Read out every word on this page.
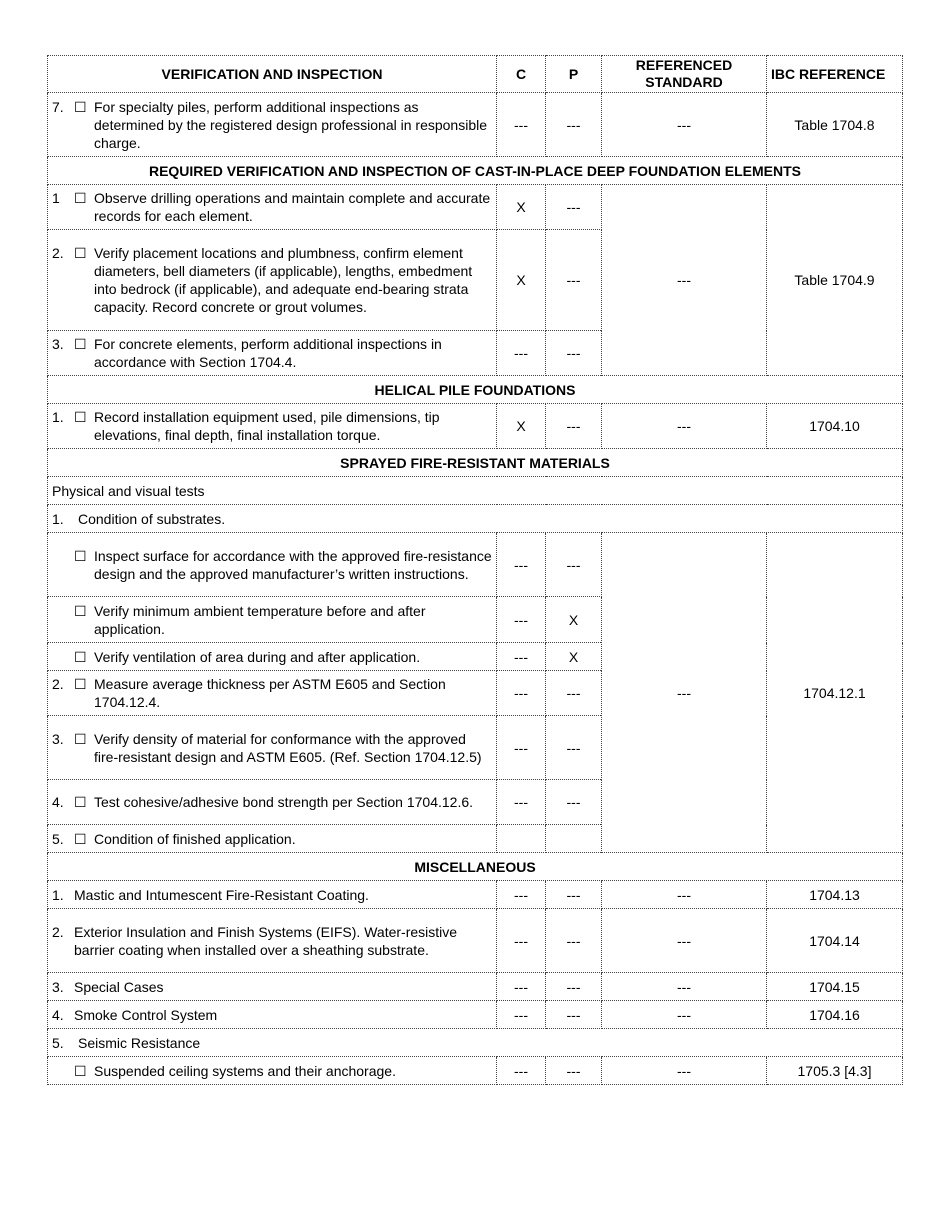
VERIFICATION AND INSPECTION	C	P	REFERENCED STANDARD	IBC REFERENCE

7. ☐ For specialty piles, perform additional inspections as determined by the registered design professional in responsible charge.	---	---	---	Table 1704.8
REQUIRED VERIFICATION AND INSPECTION OF CAST-IN-PLACE DEEP FOUNDATION ELEMENTS				

1 ☐ Observe drilling operations and maintain complete and accurate records for each element.	X	---	---	Table 1704.9

2. ☐ Verify placement locations and plumbness, confirm element diameters, bell diameters (if applicable), lengths, embedment into bedrock (if applicable), and adequate end-bearing strata capacity. Record concrete or grout volumes.	X	---		

3. ☐ For concrete elements, perform additional inspections in accordance with Section 1704.4.	---	---		
HELICAL PILE FOUNDATIONS				

1. ☐ Record installation equipment used, pile dimensions, tip elevations, final depth, final installation torque.	X	---	---	1704.10
SPRAYED FIRE-RESISTANT MATERIALS				
Physical and visual tests				
1. Condition of substrates.				

☐ Inspect surface for accordance with the approved fire-resistance design and the approved manufacturer’s written instructions.	---	---	---	1704.12.1

☐ Verify minimum ambient temperature before and after application.	---	X		

☐ Verify ventilation of area during and after application.	---	X		

2. ☐ Measure average thickness per ASTM E605 and Section 1704.12.4.	---	---		

3. ☐ Verify density of material for conformance with the approved fire-resistant design and ASTM E605. (Ref. Section 1704.12.5)	---	---		

4. ☐ Test cohesive/adhesive bond strength per Section 1704.12.6.	---	---		

5. ☐ Condition of finished application.				

MISCELLANEOUS				

1. Mastic and Intumescent Fire-Resistant Coating.	---	---	---	1704.13

2. Exterior Insulation and Finish Systems (EIFS). Water-resistive barrier coating when installed over a sheathing substrate.	---	---	---	1704.14

3. Special Cases	---	---	---	1704.15

4. Smoke Control System	---	---	---	1704.16
5. Seismic Resistance				

☐ Suspended ceiling systems and their anchorage.	---	---	---	1705.3 [4.3]
